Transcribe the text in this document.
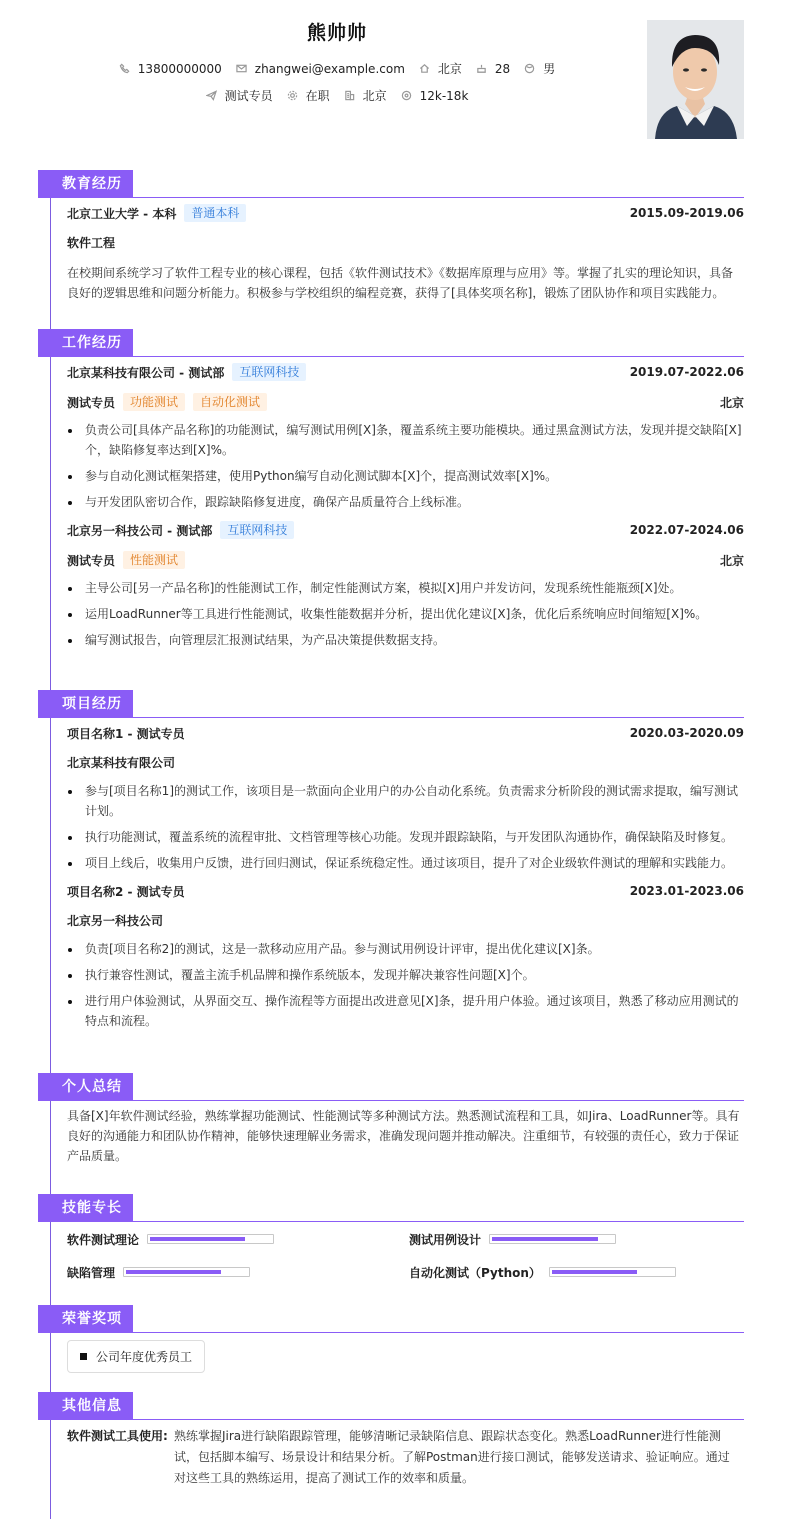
熊帅帅
13800000000	zhangwei@example.com	北京	28	男
测试专员	在职	北京	12k-18k
教育经历
北京工业大学 - 本科	普通本科	2015.09-2019.06
软件工程
在校期间系统学习了软件工程专业的核心课程，包括《软件测试技术》《数据库原理与应用》等。掌握了扎实的理论知识，具备良好的逻辑思维和问题分析能力。积极参与学校组织的编程竞赛，获得了[具体奖项名称]，锻炼了团队协作和项目实践能力。
工作经历
北京某科技有限公司 - 测试部	互联网科技	2019.07-2022.06
测试专员	功能测试	自动化测试	北京
负责公司[具体产品名称]的功能测试，编写测试用例[X]条，覆盖系统主要功能模块。通过黑盒测试方法，发现并提交缺陷[X]个，缺陷修复率达到[X]%。
参与自动化测试框架搭建，使用Python编写自动化测试脚本[X]个，提高测试效率[X]%。
与开发团队密切合作，跟踪缺陷修复进度，确保产品质量符合上线标准。
北京另一科技公司 - 测试部	互联网科技	2022.07-2024.06
测试专员	性能测试	北京
主导公司[另一产品名称]的性能测试工作，制定性能测试方案，模拟[X]用户并发访问，发现系统性能瓶颈[X]处。
运用LoadRunner等工具进行性能测试，收集性能数据并分析，提出优化建议[X]条，优化后系统响应时间缩短[X]%。
编写测试报告，向管理层汇报测试结果，为产品决策提供数据支持。
项目经历
项目名称1 - 测试专员	2020.03-2020.09
北京某科技有限公司
参与[项目名称1]的测试工作，该项目是一款面向企业用户的办公自动化系统。负责需求分析阶段的测试需求提取，编写测试计划。
执行功能测试，覆盖系统的流程审批、文档管理等核心功能。发现并跟踪缺陷，与开发团队沟通协作，确保缺陷及时修复。
项目上线后，收集用户反馈，进行回归测试，保证系统稳定性。通过该项目，提升了对企业级软件测试的理解和实践能力。
项目名称2 - 测试专员	2023.01-2023.06
北京另一科技公司
负责[项目名称2]的测试，这是一款移动应用产品。参与测试用例设计评审，提出优化建议[X]条。
执行兼容性测试，覆盖主流手机品牌和操作系统版本，发现并解决兼容性问题[X]个。
进行用户体验测试，从界面交互、操作流程等方面提出改进意见[X]条，提升用户体验。通过该项目，熟悉了移动应用测试的特点和流程。
个人总结
具备[X]年软件测试经验，熟练掌握功能测试、性能测试等多种测试方法。熟悉测试流程和工具，如Jira、LoadRunner等。具有良好的沟通能力和团队协作精神，能够快速理解业务需求，准确发现问题并推动解决。注重细节，有较强的责任心，致力于保证产品质量。
技能专长
软件测试理论	测试用例设计
缺陷管理	自动化测试（Python）
荣誉奖项
公司年度优秀员工
其他信息
软件测试工具使用: 熟练掌握Jira进行缺陷跟踪管理，能够清晰记录缺陷信息、跟踪状态变化。熟悉LoadRunner进行性能测试，包括脚本编写、场景设计和结果分析。了解Postman进行接口测试，能够发送请求、验证响应。通过对这些工具的熟练运用，提高了测试工作的效率和质量。
